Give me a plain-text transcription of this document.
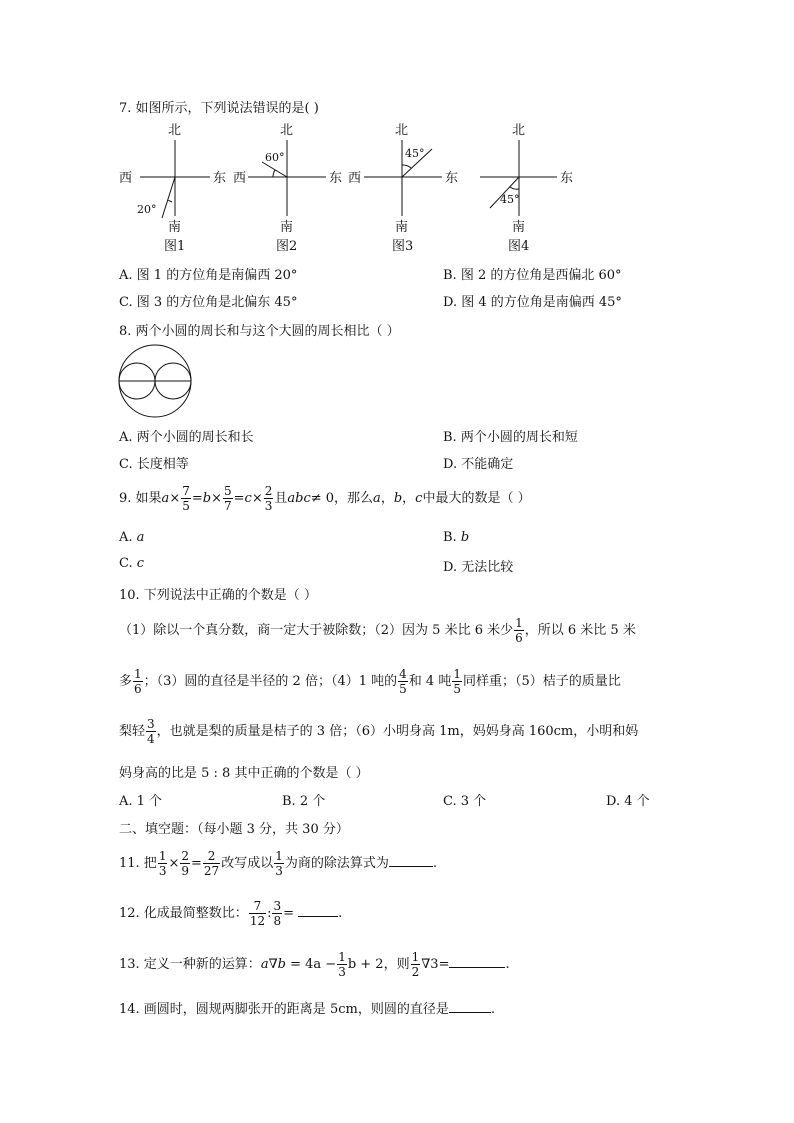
7. 如图所示，下列说法错误的是( )
北
西	东
20°
南
图1
北
60°
西	东
南
图2
北
45°
西	东
南
图3
北
东
45°
南
图4
A. 图 1 的方位角是南偏西 20°	B. 图 2 的方位角是西偏北 60°
C. 图 3 的方位角是北偏东 45°	D. 图 4 的方位角是南偏西 45°
8. 两个小圆的周长和与这个大圆的周长相比（ ）
A. 两个小圆的周长和长	B. 两个小圆的周长和短
C. 长度相等	D. 不能确定
9. 如果$a\times \frac{7}{5} =b\times \frac{5}{7} =c\times \frac{2}{3}$ 且abc≠ 0，那么a，b，c中最大的数是（ ）
A. a	B. b
C. c	D. 无法比较
10. 下列说法中正确的个数是（ ）
（1）除以一个真分数，商一定大于被除数；（2）因为 5 米比 6 米少 $\frac{1}{6}$ ，所以 6 米比 5 米
多 $\frac{1}{6}$ ；（3）圆的直径是半径的 2 倍；（4）1 吨的 $\frac{4}{5}$ 和 4 吨 $\frac{1}{5}$ 同样重；（5）桔子的质量比
梨轻 $\frac{3}{4}$ ，也就是梨的质量是桔子的 3 倍；（6）小明身高 1m，妈妈身高 160cm，小明和妈
妈身高的比是 5 : 8 其中正确的个数是（ ）
A. 1 个	B. 2 个	C. 3 个	D. 4 个
二、填空题：（每小题 3 分，共 30 分）
11. 把 $\frac{1}{3} \times \frac{2}{9} = \frac{2}{27}$ 改写成以 $\frac{1}{3}$ 为商的除法算式为	.
12. 化成最简整数比： $\frac{7}{12}$ : $\frac{3}{8}$ =	.
13. 定义一种新的运算：$a\nabla b = 4a - \frac{1}{3}$ b + 2，则 $\frac{1}{2} \nabla 3=$	.
14. 画圆时，圆规两脚张开的距离是 5cm，则圆的直径是	.
